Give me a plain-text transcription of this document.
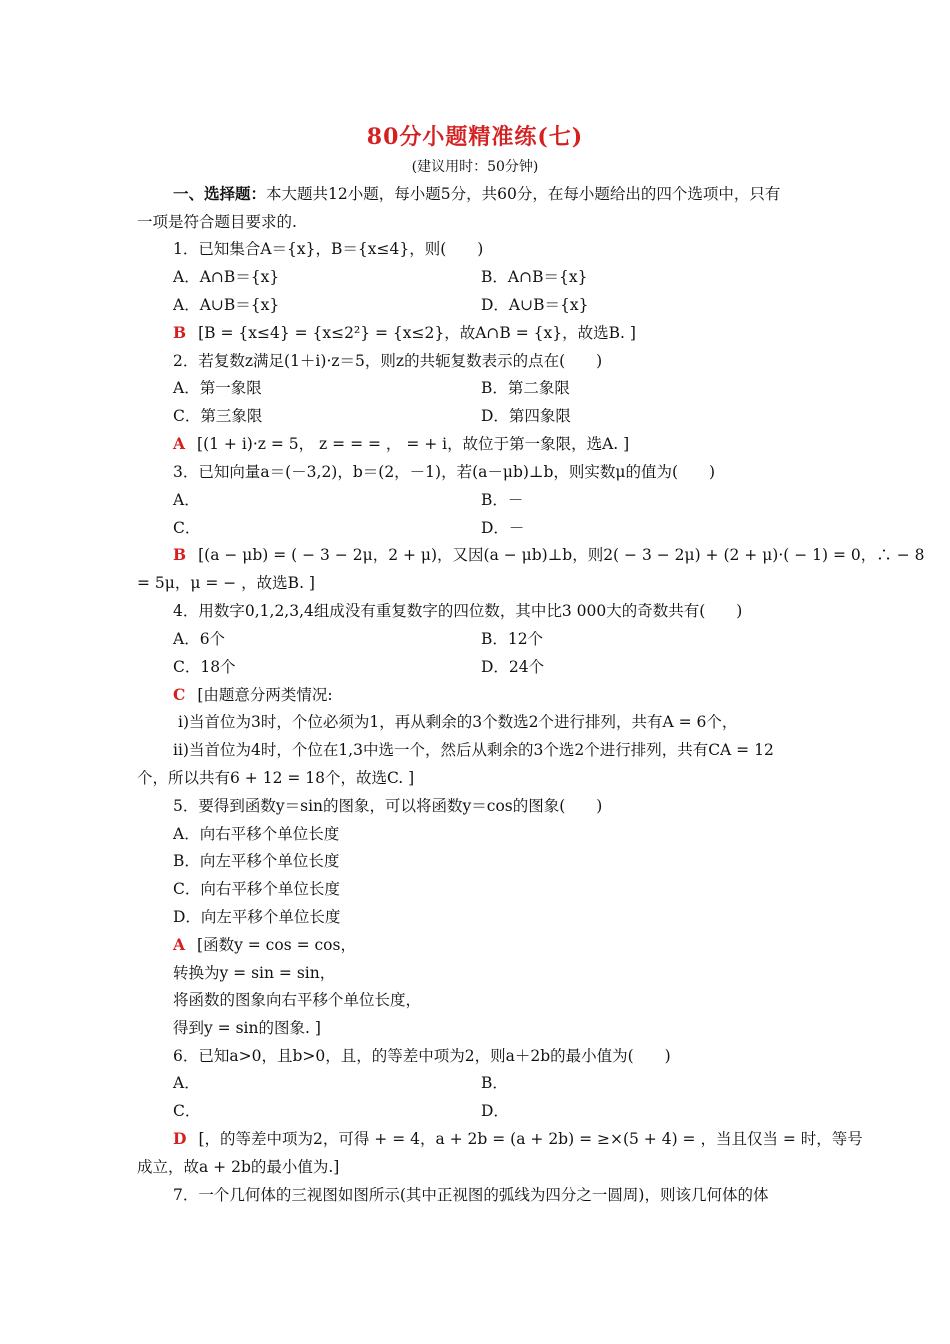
80分小题精准练(七)
(建议用时：50分钟)
一、选择题：本大题共12小题，每小题5分，共60分，在每小题给出的四个选项中，只有
一项是符合题目要求的.
1．已知集合A＝{x}，B＝{x≤4}，则(　　)
A．A∩B＝{x}	B．A∩B＝{x}
A．A∪B＝{x}	D．A∪B＝{x}
B [B = {x≤4} = {x≤2²} = {x≤2}，故A∩B = {x}，故选B. ]
2．若复数z满足(1＋i)·z＝5，则z的共轭复数表示的点在(　　)
A．第一象限	B．第二象限
C．第三象限	D．第四象限
A [(1 + i)·z = 5， z = = = ， = + i，故位于第一象限，选A. ]
3．已知向量a＝(－3,2)，b＝(2，－1)，若(a－μb)⊥b，则实数μ的值为(　　)
A．	B．－
C．	D．－
B [(a − μb) = ( − 3 − 2μ，2 + μ)，又因(a − μb)⊥b，则2( − 3 − 2μ) + (2 + μ)·( − 1) = 0，∴ − 8
= 5μ，μ = − ，故选B. ]
4．用数字0,1,2,3,4组成没有重复数字的四位数，其中比3 000大的奇数共有(　　)
A．6个	B．12个
C．18个	D．24个
C [由题意分两类情况:
ⅰ)当首位为3时，个位必须为1，再从剩余的3个数选2个进行排列，共有A = 6个，
ⅱ)当首位为4时，个位在1,3中选一个，然后从剩余的3个选2个进行排列，共有CA = 12
个，所以共有6 + 12 = 18个，故选C. ]
5．要得到函数y＝sin的图象，可以将函数y＝cos的图象(　　)
A．向右平移个单位长度
B．向左平移个单位长度
C．向右平移个单位长度
D．向左平移个单位长度
A [函数y = cos = cos，
转换为y = sin = sin，
将函数的图象向右平移个单位长度，
得到y = sin的图象. ]
6．已知a>0，且b>0，且，的等差中项为2，则a＋2b的最小值为(　　)
A．	B．
C．	D．
D [，的等差中项为2，可得 + = 4，a + 2b = (a + 2b) = ≥×(5 + 4) = ，当且仅当 = 时，等号
成立，故a + 2b的最小值为.]
7．一个几何体的三视图如图所示(其中正视图的弧线为四分之一圆周)，则该几何体的体
